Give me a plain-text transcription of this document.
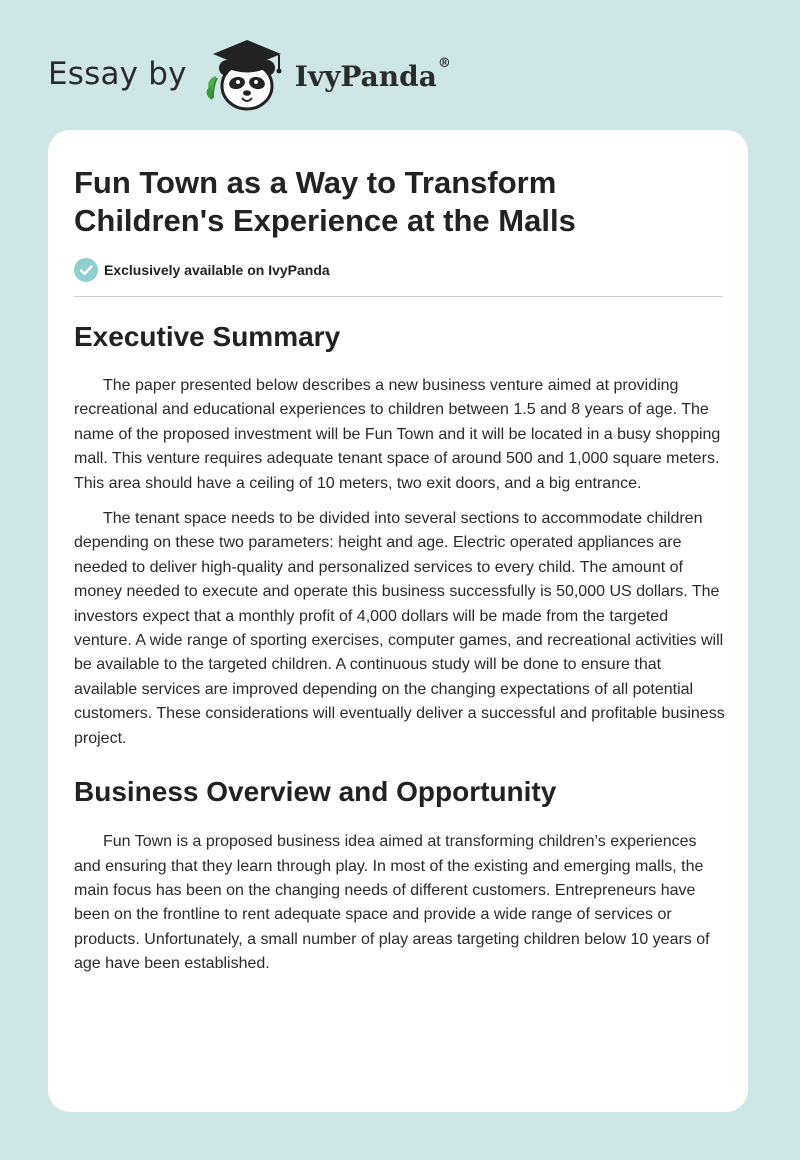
Essay by	IvyPanda®
Fun Town as a Way to Transform
Children's Experience at the Malls
Exclusively available on IvyPanda
Executive Summary

The paper presented below describes a new business venture aimed at providing recreational and educational experiences to children between 1.5 and 8 years of age. The name of the proposed investment will be Fun Town and it will be located in a busy shopping mall. This venture requires adequate tenant space of around 500 and 1,000 square meters. This area should have a ceiling of 10 meters, two exit doors, and a big entrance.

The tenant space needs to be divided into several sections to accommodate children depending on these two parameters: height and age. Electric operated appliances are needed to deliver high-quality and personalized services to every child. The amount of money needed to execute and operate this business successfully is 50,000 US dollars. The investors expect that a monthly profit of 4,000 dollars will be made from the targeted venture. A wide range of sporting exercises, computer games, and recreational activities will be available to the targeted children. A continuous study will be done to ensure that available services are improved depending on the changing expectations of all potential customers. These considerations will eventually deliver a successful and profitable business project.

Business Overview and Opportunity

Fun Town is a proposed business idea aimed at transforming children’s experiences and ensuring that they learn through play. In most of the existing and emerging malls, the main focus has been on the changing needs of different customers. Entrepreneurs have been on the frontline to rent adequate space and provide a wide range of services or products. Unfortunately, a small number of play areas targeting children below 10 years of age have been established.
